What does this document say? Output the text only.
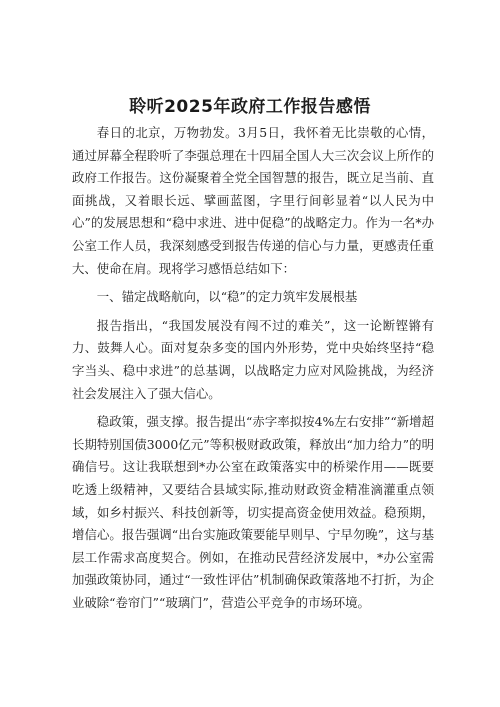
聆听2025年政府工作报告感悟

春日的北京，万物勃发。3月5日，我怀着无比崇敬的心情，通过屏幕全程聆听了李强总理在十四届全国人大三次会议上所作的政府工作报告。这份凝聚着全党全国智慧的报告，既立足当前、直面挑战，又着眼长远、擘画蓝图，字里行间彰显着“以人民为中心”的发展思想和“稳中求进、进中促稳”的战略定力。作为一名*办公室工作人员，我深刻感受到报告传递的信心与力量，更感责任重大、使命在肩。现将学习感悟总结如下：

一、锚定战略航向，以“稳”的定力筑牢发展根基

报告指出，“我国发展没有闯不过的难关”，这一论断铿锵有力、鼓舞人心。面对复杂多变的国内外形势，党中央始终坚持“稳字当头、稳中求进”的总基调，以战略定力应对风险挑战，为经济社会发展注入了强大信心。

稳政策，强支撑。报告提出“赤字率拟按4%左右安排”“新增超长期特别国债3000亿元”等积极财政政策，释放出“加力给力”的明确信号。这让我联想到*办公室在政策落实中的桥梁作用——既要吃透上级精神，又要结合县域实际,推动财政资金精准滴灌重点领域，如乡村振兴、科技创新等，切实提高资金使用效益。稳预期，增信心。报告强调“出台实施政策要能早则早、宁早勿晚”，这与基层工作需求高度契合。例如，在推动民营经济发展中，*办公室需加强政策协同，通过“一致性评估”机制确保政策落地不打折，为企业破除“卷帘门”“玻璃门”，营造公平竞争的市场环境。
